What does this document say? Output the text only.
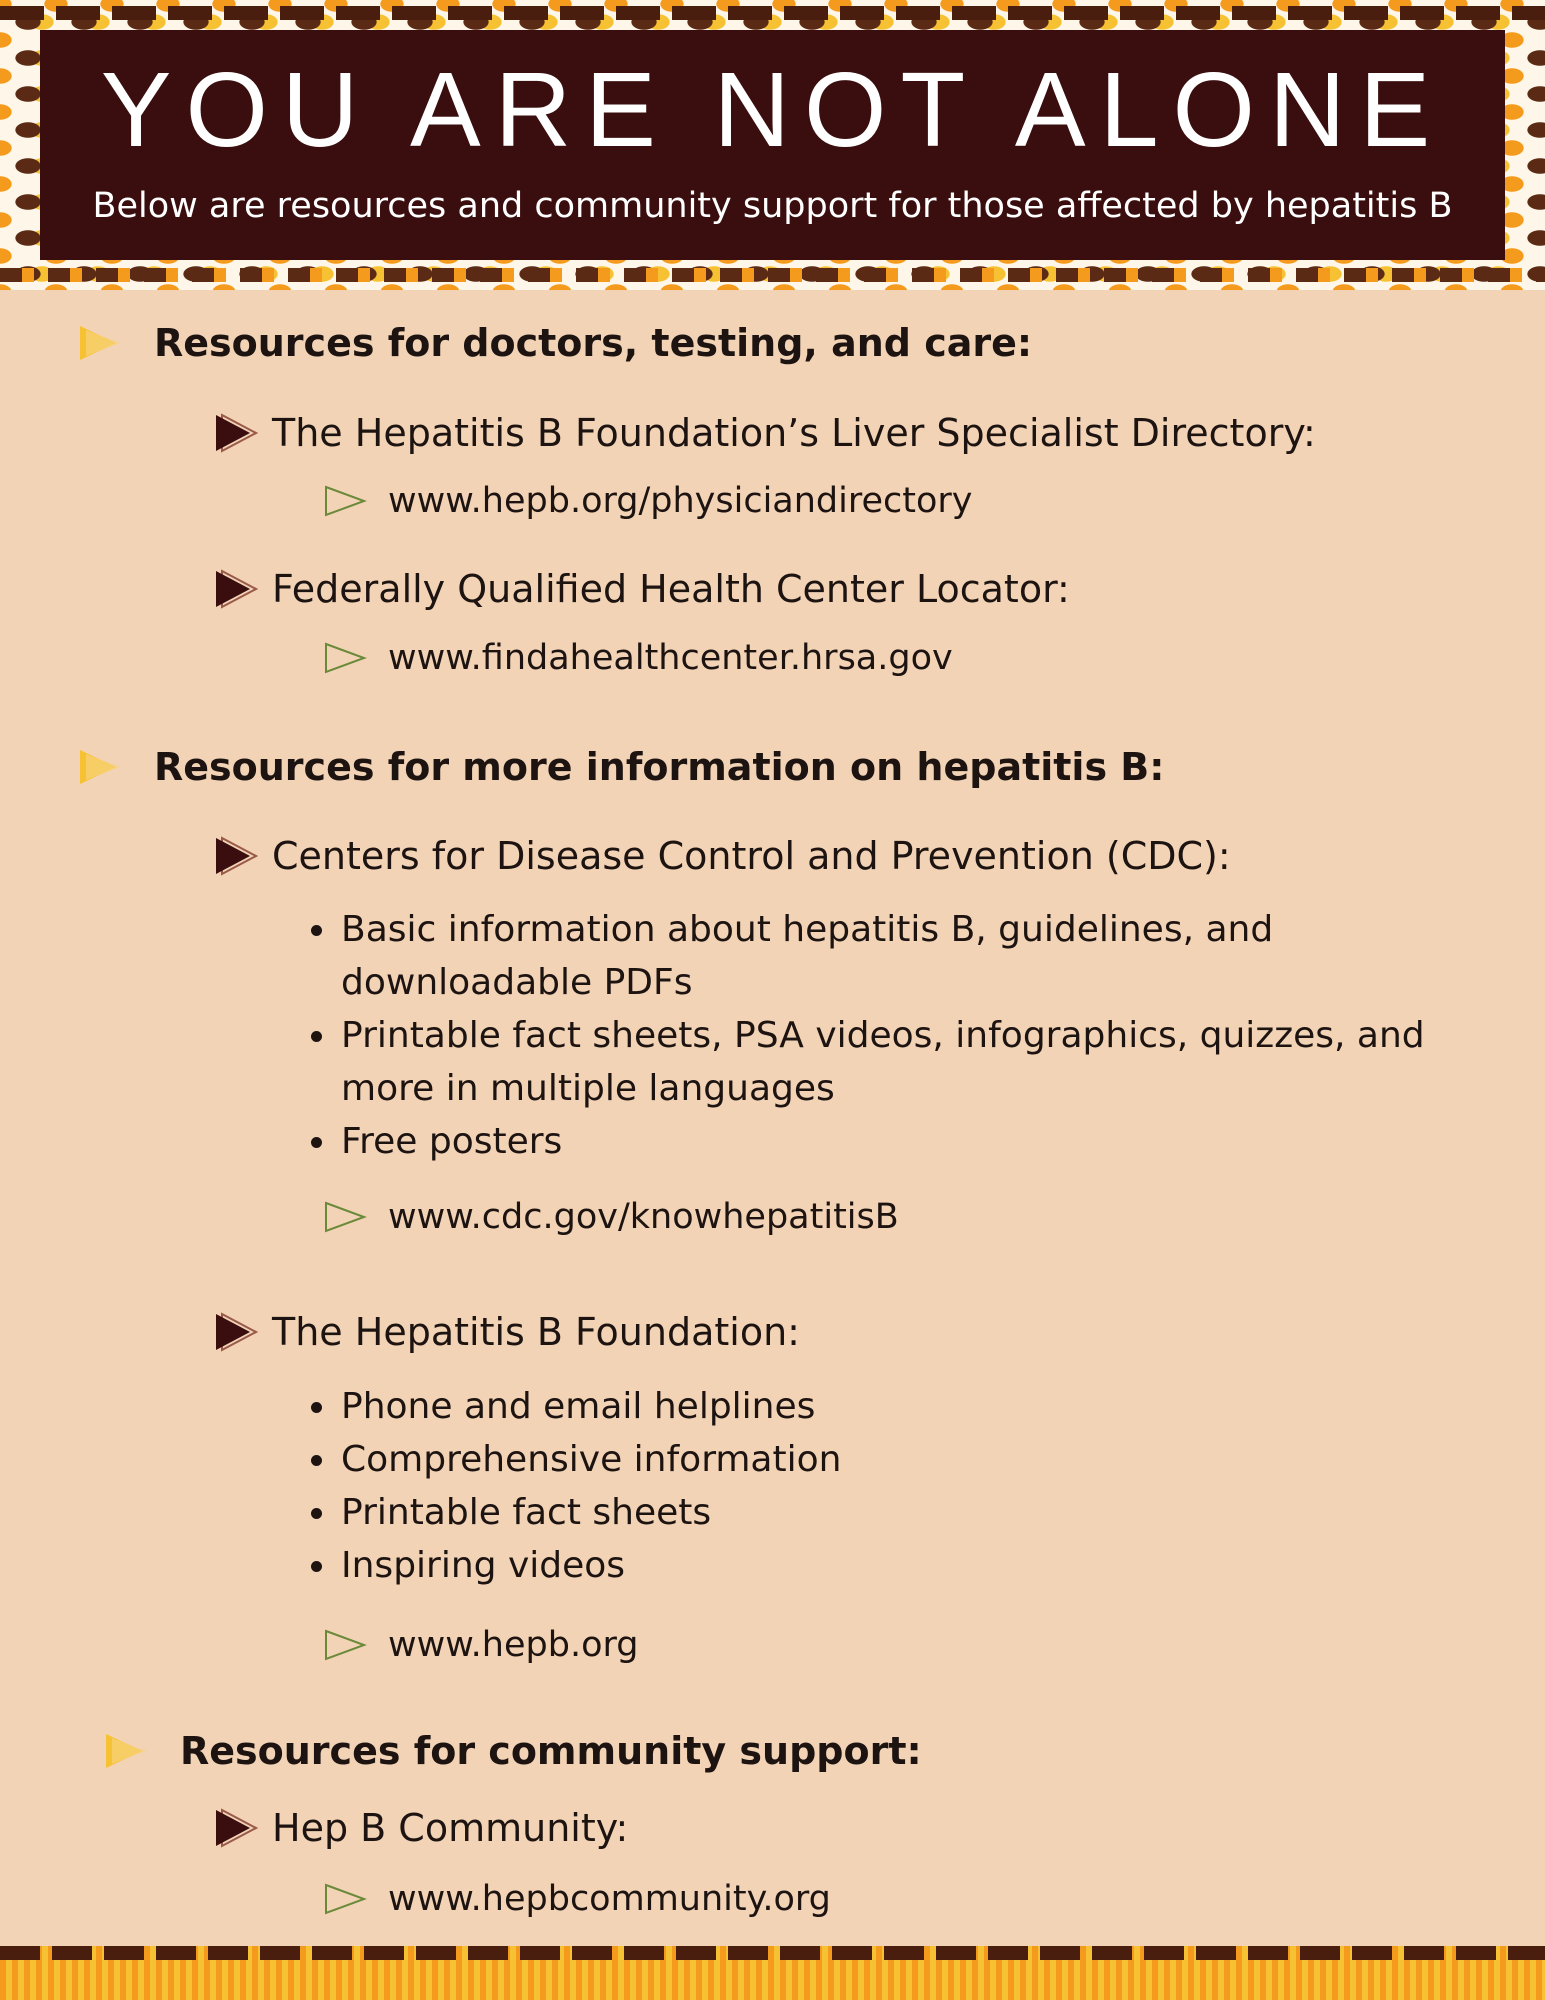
YOU ARE NOT ALONE

Below are resources and community support for those affected by hepatitis B

Resources for doctors, testing, and care:
The Hepatitis B Foundation’s Liver Specialist Directory:
www.hepb.org/physiciandirectory
Federally Qualified Health Center Locator:
www.findahealthcenter.hrsa.gov
Resources for more information on hepatitis B:
Centers for Disease Control and Prevention (CDC):
• Basic information about hepatitis B, guidelines, and downloadable PDFs
• Printable fact sheets, PSA videos, infographics, quizzes, and more in multiple languages
• Free posters
www.cdc.gov/knowhepatitisB
The Hepatitis B Foundation:
• Phone and email helplines
• Comprehensive information
• Printable fact sheets
• Inspiring videos
www.hepb.org
Resources for community support:
Hep B Community:
www.hepbcommunity.org
